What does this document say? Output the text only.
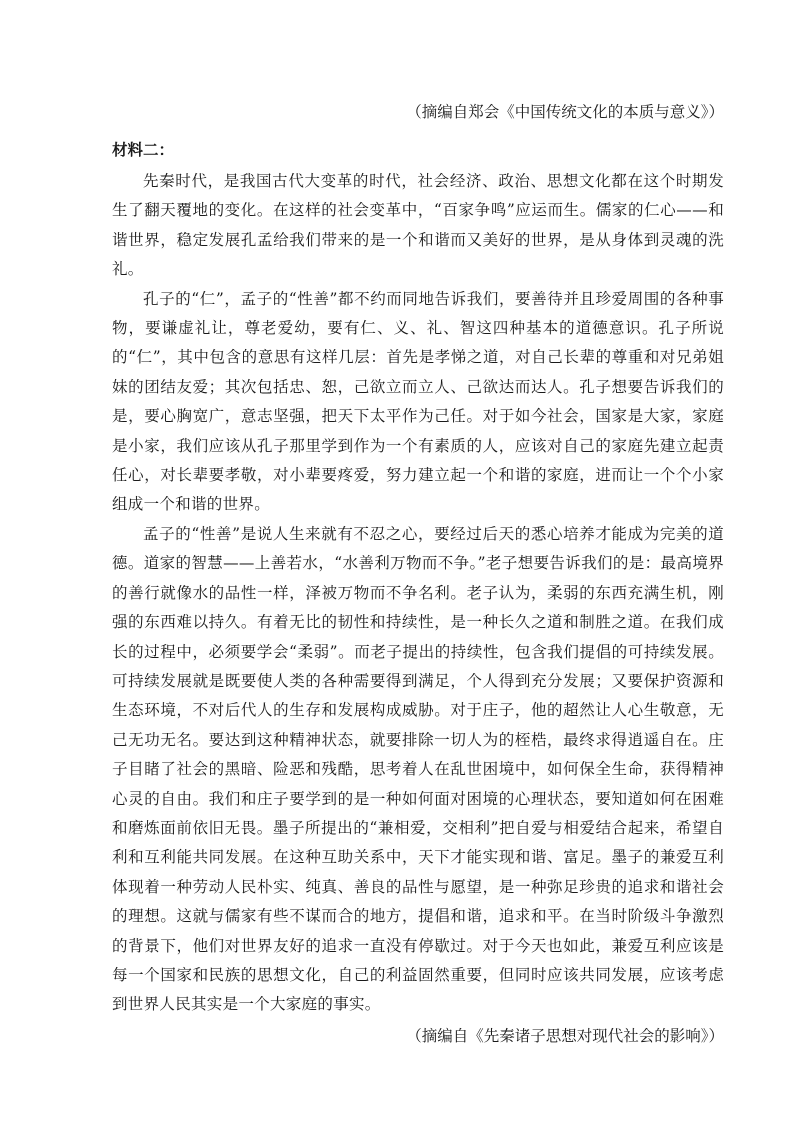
（摘编自郑会《中国传统文化的本质与意义》）

材料二：

先秦时代，是我国古代大变革的时代，社会经济、政治、思想文化都在这个时期发生了翻天覆地的变化。在这样的社会变革中，“百家争鸣”应运而生。儒家的仁心——和谐世界，稳定发展孔孟给我们带来的是一个和谐而又美好的世界，是从身体到灵魂的洗礼。

孔子的“仁”，孟子的“性善”都不约而同地告诉我们，要善待并且珍爱周围的各种事物，要谦虚礼让，尊老爱幼，要有仁、义、礼、智这四种基本的道德意识。孔子所说的“仁”，其中包含的意思有这样几层：首先是孝悌之道，对自己长辈的尊重和对兄弟姐妹的团结友爱；其次包括忠、恕，己欲立而立人、己欲达而达人。孔子想要告诉我们的是，要心胸宽广，意志坚强，把天下太平作为己任。对于如今社会，国家是大家，家庭是小家，我们应该从孔子那里学到作为一个有素质的人，应该对自己的家庭先建立起责任心，对长辈要孝敬，对小辈要疼爱，努力建立起一个和谐的家庭，进而让一个个小家组成一个和谐的世界。

孟子的“性善”是说人生来就有不忍之心，要经过后天的悉心培养才能成为完美的道德。道家的智慧——上善若水，“水善利万物而不争。”老子想要告诉我们的是：最高境界的善行就像水的品性一样，泽被万物而不争名利。老子认为，柔弱的东西充满生机，刚强的东西难以持久。有着无比的韧性和持续性，是一种长久之道和制胜之道。在我们成长的过程中，必须要学会“柔弱”。而老子提出的持续性，包含我们提倡的可持续发展。可持续发展就是既要使人类的各种需要得到满足，个人得到充分发展；又要保护资源和生态环境，不对后代人的生存和发展构成威胁。对于庄子，他的超然让人心生敬意，无己无功无名。要达到这种精神状态，就要排除一切人为的桎梏，最终求得逍遥自在。庄子目睹了社会的黑暗、险恶和残酷，思考着人在乱世困境中，如何保全生命，获得精神心灵的自由。我们和庄子要学到的是一种如何面对困境的心理状态，要知道如何在困难和磨炼面前依旧无畏。墨子所提出的“兼相爱，交相利”把自爱与相爱结合起来，希望自利和互利能共同发展。在这种互助关系中，天下才能实现和谐、富足。墨子的兼爱互利体现着一种劳动人民朴实、纯真、善良的品性与愿望，是一种弥足珍贵的追求和谐社会的理想。这就与儒家有些不谋而合的地方，提倡和谐，追求和平。在当时阶级斗争激烈的背景下，他们对世界友好的追求一直没有停歇过。对于今天也如此，兼爱互利应该是每一个国家和民族的思想文化，自己的利益固然重要，但同时应该共同发展，应该考虑到世界人民其实是一个大家庭的事实。

（摘编自《先秦诸子思想对现代社会的影响》）
